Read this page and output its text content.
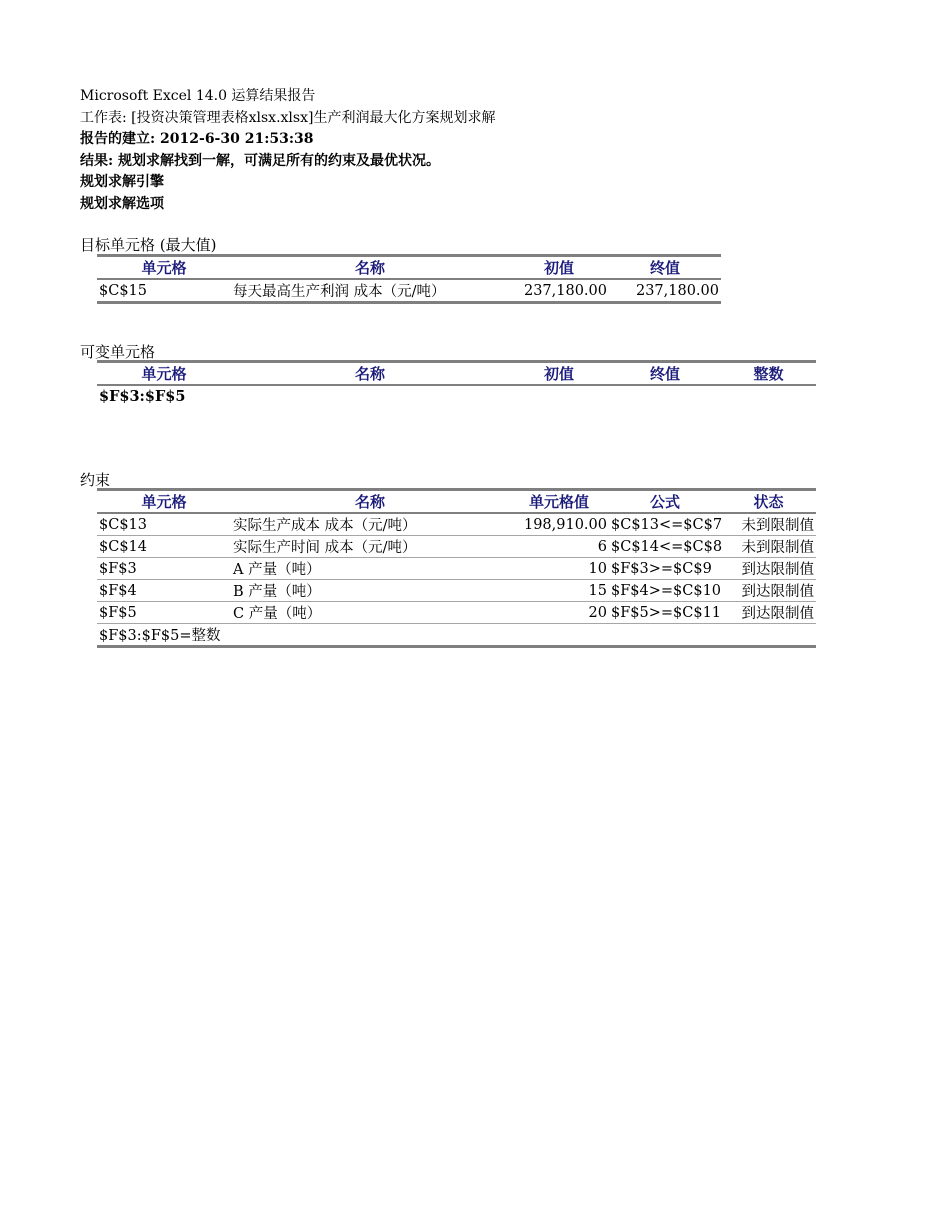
Microsoft Excel 14.0 运算结果报告
工作表: [投资决策管理表格xlsx.xlsx]生产利润最大化方案规划求解
报告的建立: 2012-6-30 21:53:38
结果: 规划求解找到一解，可满足所有的约束及最优状况。
规划求解引擎
规划求解选项
目标单元格 (最大值)
单元格	名称	初值	终值
$C$15	每天最高生产利润 成本（元/吨）	237,180.00	237,180.00
可变单元格
单元格	名称	初值	终值	整数
$F$3:$F$5
约束
单元格	名称	单元格值	公式	状态
$C$13	实际生产成本 成本（元/吨）	198,910.00	$C$13<=$C$7	未到限制值
$C$14	实际生产时间 成本（元/吨）	6	$C$14<=$C$8	未到限制值
$F$3	A 产量（吨）	10	$F$3>=$C$9	到达限制值
$F$4	B 产量（吨）	15	$F$4>=$C$10	到达限制值
$F$5	C 产量（吨）	20	$F$5>=$C$11	到达限制值
$F$3:$F$5=整数				
